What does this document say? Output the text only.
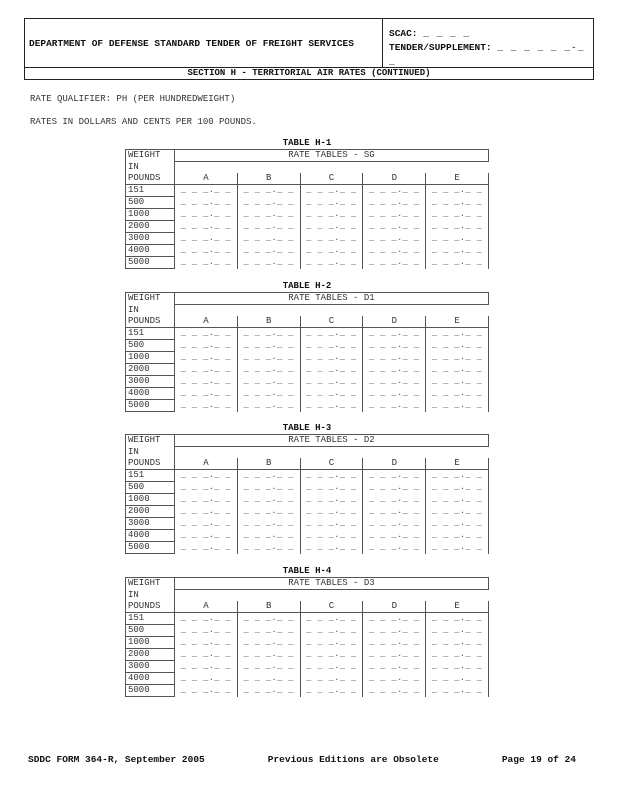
DEPARTMENT OF DEFENSE STANDARD TENDER OF FREIGHT SERVICES
SCAC: _ _ _ _
TENDER/SUPPLEMENT: _ _ _ _ _ _-_ _
SECTION H - TERRITORIAL AIR RATES (CONTINUED)
RATE QUALIFIER: PH (PER HUNDREDWEIGHT)
RATES IN DOLLARS AND CENTS PER 100 POUNDS.
TABLE H-1
WEIGHT	RATE TABLES - SG				
IN					
POUNDS	A	B	C	D	E
151	_ _ _._ _	_ _ _._ _	_ _ _._ _	_ _ _._ _	_ _ _._ _
500	_ _ _._ _	_ _ _._ _	_ _ _._ _	_ _ _._ _	_ _ _._ _
1000	_ _ _._ _	_ _ _._ _	_ _ _._ _	_ _ _._ _	_ _ _._ _
2000	_ _ _._ _	_ _ _._ _	_ _ _._ _	_ _ _._ _	_ _ _._ _
3000	_ _ _._ _	_ _ _._ _	_ _ _._ _	_ _ _._ _	_ _ _._ _
4000	_ _ _._ _	_ _ _._ _	_ _ _._ _	_ _ _._ _	_ _ _._ _
5000	_ _ _._ _	_ _ _._ _	_ _ _._ _	_ _ _._ _	_ _ _._ _
TABLE H-2
WEIGHT	RATE TABLES - D1				
IN					
POUNDS	A	B	C	D	E
151	_ _ _._ _	_ _ _._ _	_ _ _._ _	_ _ _._ _	_ _ _._ _
500	_ _ _._ _	_ _ _._ _	_ _ _._ _	_ _ _._ _	_ _ _._ _
1000	_ _ _._ _	_ _ _._ _	_ _ _._ _	_ _ _._ _	_ _ _._ _
2000	_ _ _._ _	_ _ _._ _	_ _ _._ _	_ _ _._ _	_ _ _._ _
3000	_ _ _._ _	_ _ _._ _	_ _ _._ _	_ _ _._ _	_ _ _._ _
4000	_ _ _._ _	_ _ _._ _	_ _ _._ _	_ _ _._ _	_ _ _._ _
5000	_ _ _._ _	_ _ _._ _	_ _ _._ _	_ _ _._ _	_ _ _._ _
TABLE H-3
WEIGHT	RATE TABLES - D2				
IN					
POUNDS	A	B	C	D	E
151	_ _ _._ _	_ _ _._ _	_ _ _._ _	_ _ _._ _	_ _ _._ _
500	_ _ _._ _	_ _ _._ _	_ _ _._ _	_ _ _._ _	_ _ _._ _
1000	_ _ _._ _	_ _ _._ _	_ _ _._ _	_ _ _._ _	_ _ _._ _
2000	_ _ _._ _	_ _ _._ _	_ _ _._ _	_ _ _._ _	_ _ _._ _
3000	_ _ _._ _	_ _ _._ _	_ _ _._ _	_ _ _._ _	_ _ _._ _
4000	_ _ _._ _	_ _ _._ _	_ _ _._ _	_ _ _._ _	_ _ _._ _
5000	_ _ _._ _	_ _ _._ _	_ _ _._ _	_ _ _._ _	_ _ _._ _
TABLE H-4
WEIGHT	RATE TABLES - D3				
IN					
POUNDS	A	B	C	D	E
151	_ _ _._ _	_ _ _._ _	_ _ _._ _	_ _ _._ _	_ _ _._ _
500	_ _ _._ _	_ _ _._ _	_ _ _._ _	_ _ _._ _	_ _ _._ _
1000	_ _ _._ _	_ _ _._ _	_ _ _._ _	_ _ _._ _	_ _ _._ _
2000	_ _ _._ _	_ _ _._ _	_ _ _._ _	_ _ _._ _	_ _ _._ _
3000	_ _ _._ _	_ _ _._ _	_ _ _._ _	_ _ _._ _	_ _ _._ _
4000	_ _ _._ _	_ _ _._ _	_ _ _._ _	_ _ _._ _	_ _ _._ _
5000	_ _ _._ _	_ _ _._ _	_ _ _._ _	_ _ _._ _	_ _ _._ _
SDDC FORM 364-R, September 2005	Previous Editions are Obsolete	Page 19 of 24
